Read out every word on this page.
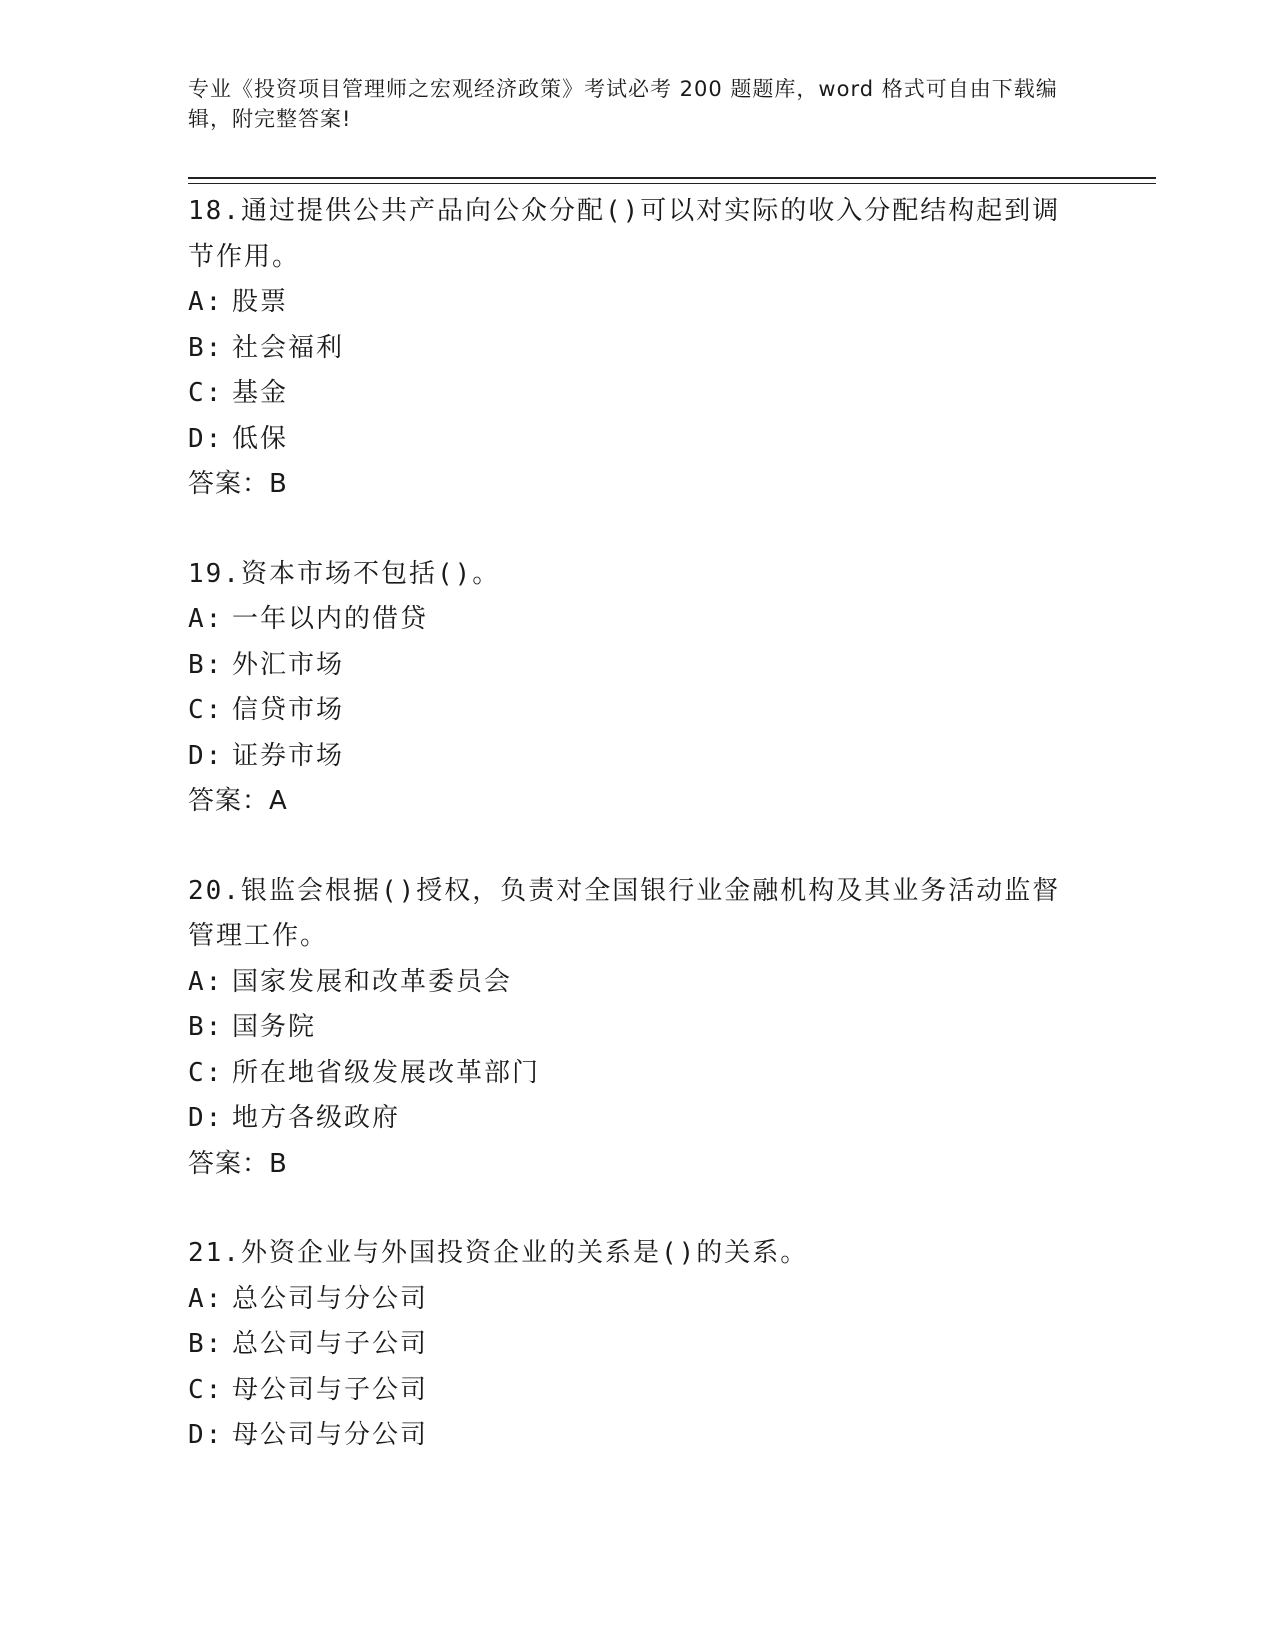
专业《投资项目管理师之宏观经济政策》考试必考 200 题题库，word 格式可自由下载编辑，附完整答案!

18.通过提供公共产品向公众分配()可以对实际的收入分配结构起到调节作用。

A: 股票

B: 社会福利

C: 基金

D: 低保

答案：B

19.资本市场不包括()。

A: 一年以内的借贷

B: 外汇市场

C: 信贷市场

D: 证券市场

答案：A

20.银监会根据()授权，负责对全国银行业金融机构及其业务活动监督管理工作。

A: 国家发展和改革委员会

B: 国务院

C: 所在地省级发展改革部门

D: 地方各级政府

答案：B

21.外资企业与外国投资企业的关系是()的关系。

A: 总公司与分公司

B: 总公司与子公司

C: 母公司与子公司

D: 母公司与分公司
